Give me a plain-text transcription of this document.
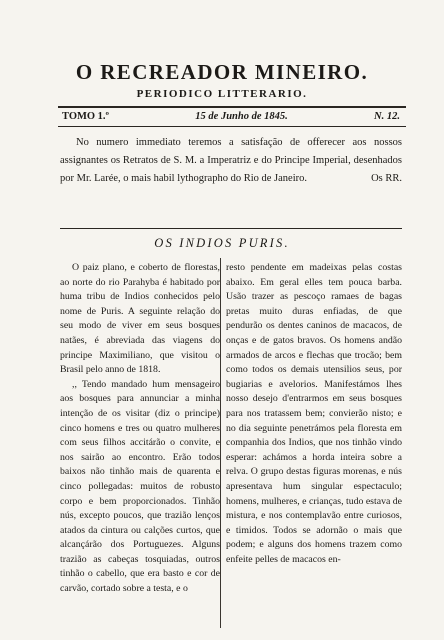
O RECREADOR MINEIRO.
PERIODICO LITTERARIO.
TOMO 1.º	15 de Junho de 1845.	N. 12.

No numero immediato teremos a satisfação de offerecer aos nossos assignantes os Retratos de S. M. a Imperatriz e do Principe Imperial, desenhados por Mr. Larée, o mais habil lythographo do Rio de Janeiro.	Os RR.

OS INDIOS PURIS.

O paiz plano, e coberto de florestas, ao norte do rio Parahyba é habitado por huma tribu de Indios conhecidos pelo nome de Puris. A seguinte relação do seu modo de viver em seus bosques natães, é abreviada das viagens do principe Maximiliano, que visitou o Brasil pelo anno de 1818.

,, Tendo mandado hum mensageiro aos bosques para annunciar a minha intenção de os visitar (diz o principe) cinco homens e tres ou quatro mulheres com seus filhos accitárão o convite, e nos sairão ao encontro. Erão todos baixos não tinhão mais de quarenta e cinco pollegadas: muitos de robusto corpo e bem proporcionados. Tinhão nús, excepto poucos, que trazião lenços atados da cintura ou calções curtos, que alcançárão dos Portuguezes. Alguns trazião as cabeças tosquiadas, outros tinhão o cabello, que era basto e cor de carvão, cortado sobre a testa, e o

resto pendente em madeixas pelas costas abaixo. Em geral elles tem pouca barba. Usão trazer as pescoço ramaes de bagas pretas muito duras enfiadas, de que pendurão os dentes caninos de macacos, de onças e de gatos bravos. Os homens andão armados de arcos e flechas que trocão; bem como todos os demais utensilios seus, por bugiarias e avelorios. Manifestámos lhes nosso desejo d'entrarmos em seus bosques para nos tratassem bem; convierão nisto; e no dia seguinte penetrámos pela floresta em companhia dos Indios, que nos tinhão vindo esperar: achámos a horda inteira sobre a relva. O grupo destas figuras morenas, e nús apresentava hum singular espectaculo; homens, mulheres, e crianças, tudo estava de mistura, e nos contemplavão entre curiosos, e timidos. Todos se adornão o mais que podem; e alguns dos homens trazem como enfeite pelles de macacos en-
